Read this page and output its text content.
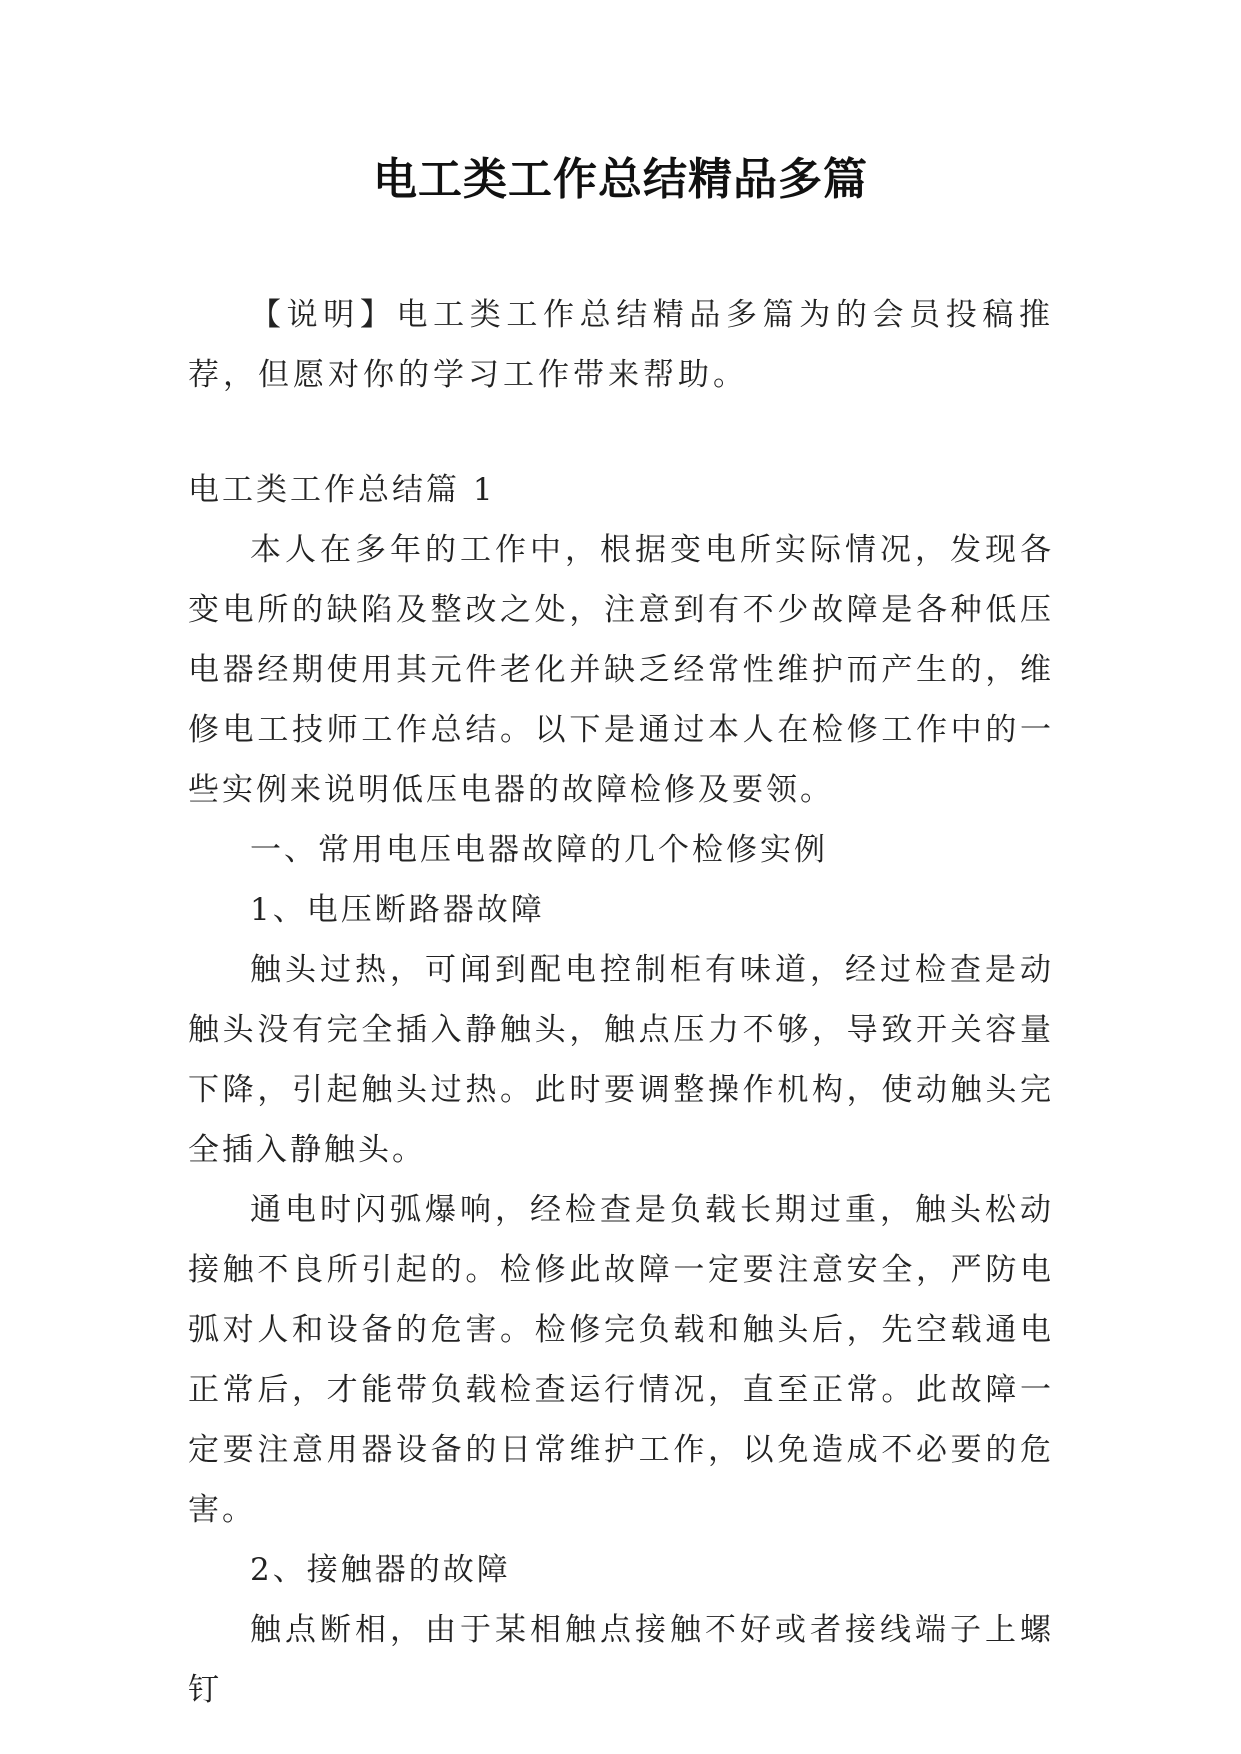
电工类工作总结精品多篇

【说明】电工类工作总结精品多篇为的会员投稿推荐，但愿对你的学习工作带来帮助。

电工类工作总结篇 1

本人在多年的工作中，根据变电所实际情况，发现各变电所的缺陷及整改之处，注意到有不少故障是各种低压电器经期使用其元件老化并缺乏经常性维护而产生的，维修电工技师工作总结。以下是通过本人在检修工作中的一些实例来说明低压电器的故障检修及要领。

一、常用电压电器故障的几个检修实例

1、电压断路器故障

触头过热，可闻到配电控制柜有味道，经过检查是动触头没有完全插入静触头，触点压力不够，导致开关容量下降，引起触头过热。此时要调整操作机构，使动触头完全插入静触头。

通电时闪弧爆响，经检查是负载长期过重，触头松动接触不良所引起的。检修此故障一定要注意安全，严防电弧对人和设备的危害。检修完负载和触头后，先空载通电正常后，才能带负载检查运行情况，直至正常。此故障一定要注意用器设备的日常维护工作，以免造成不必要的危害。

2、接触器的故障

触点断相，由于某相触点接触不好或者接线端子上螺钉
